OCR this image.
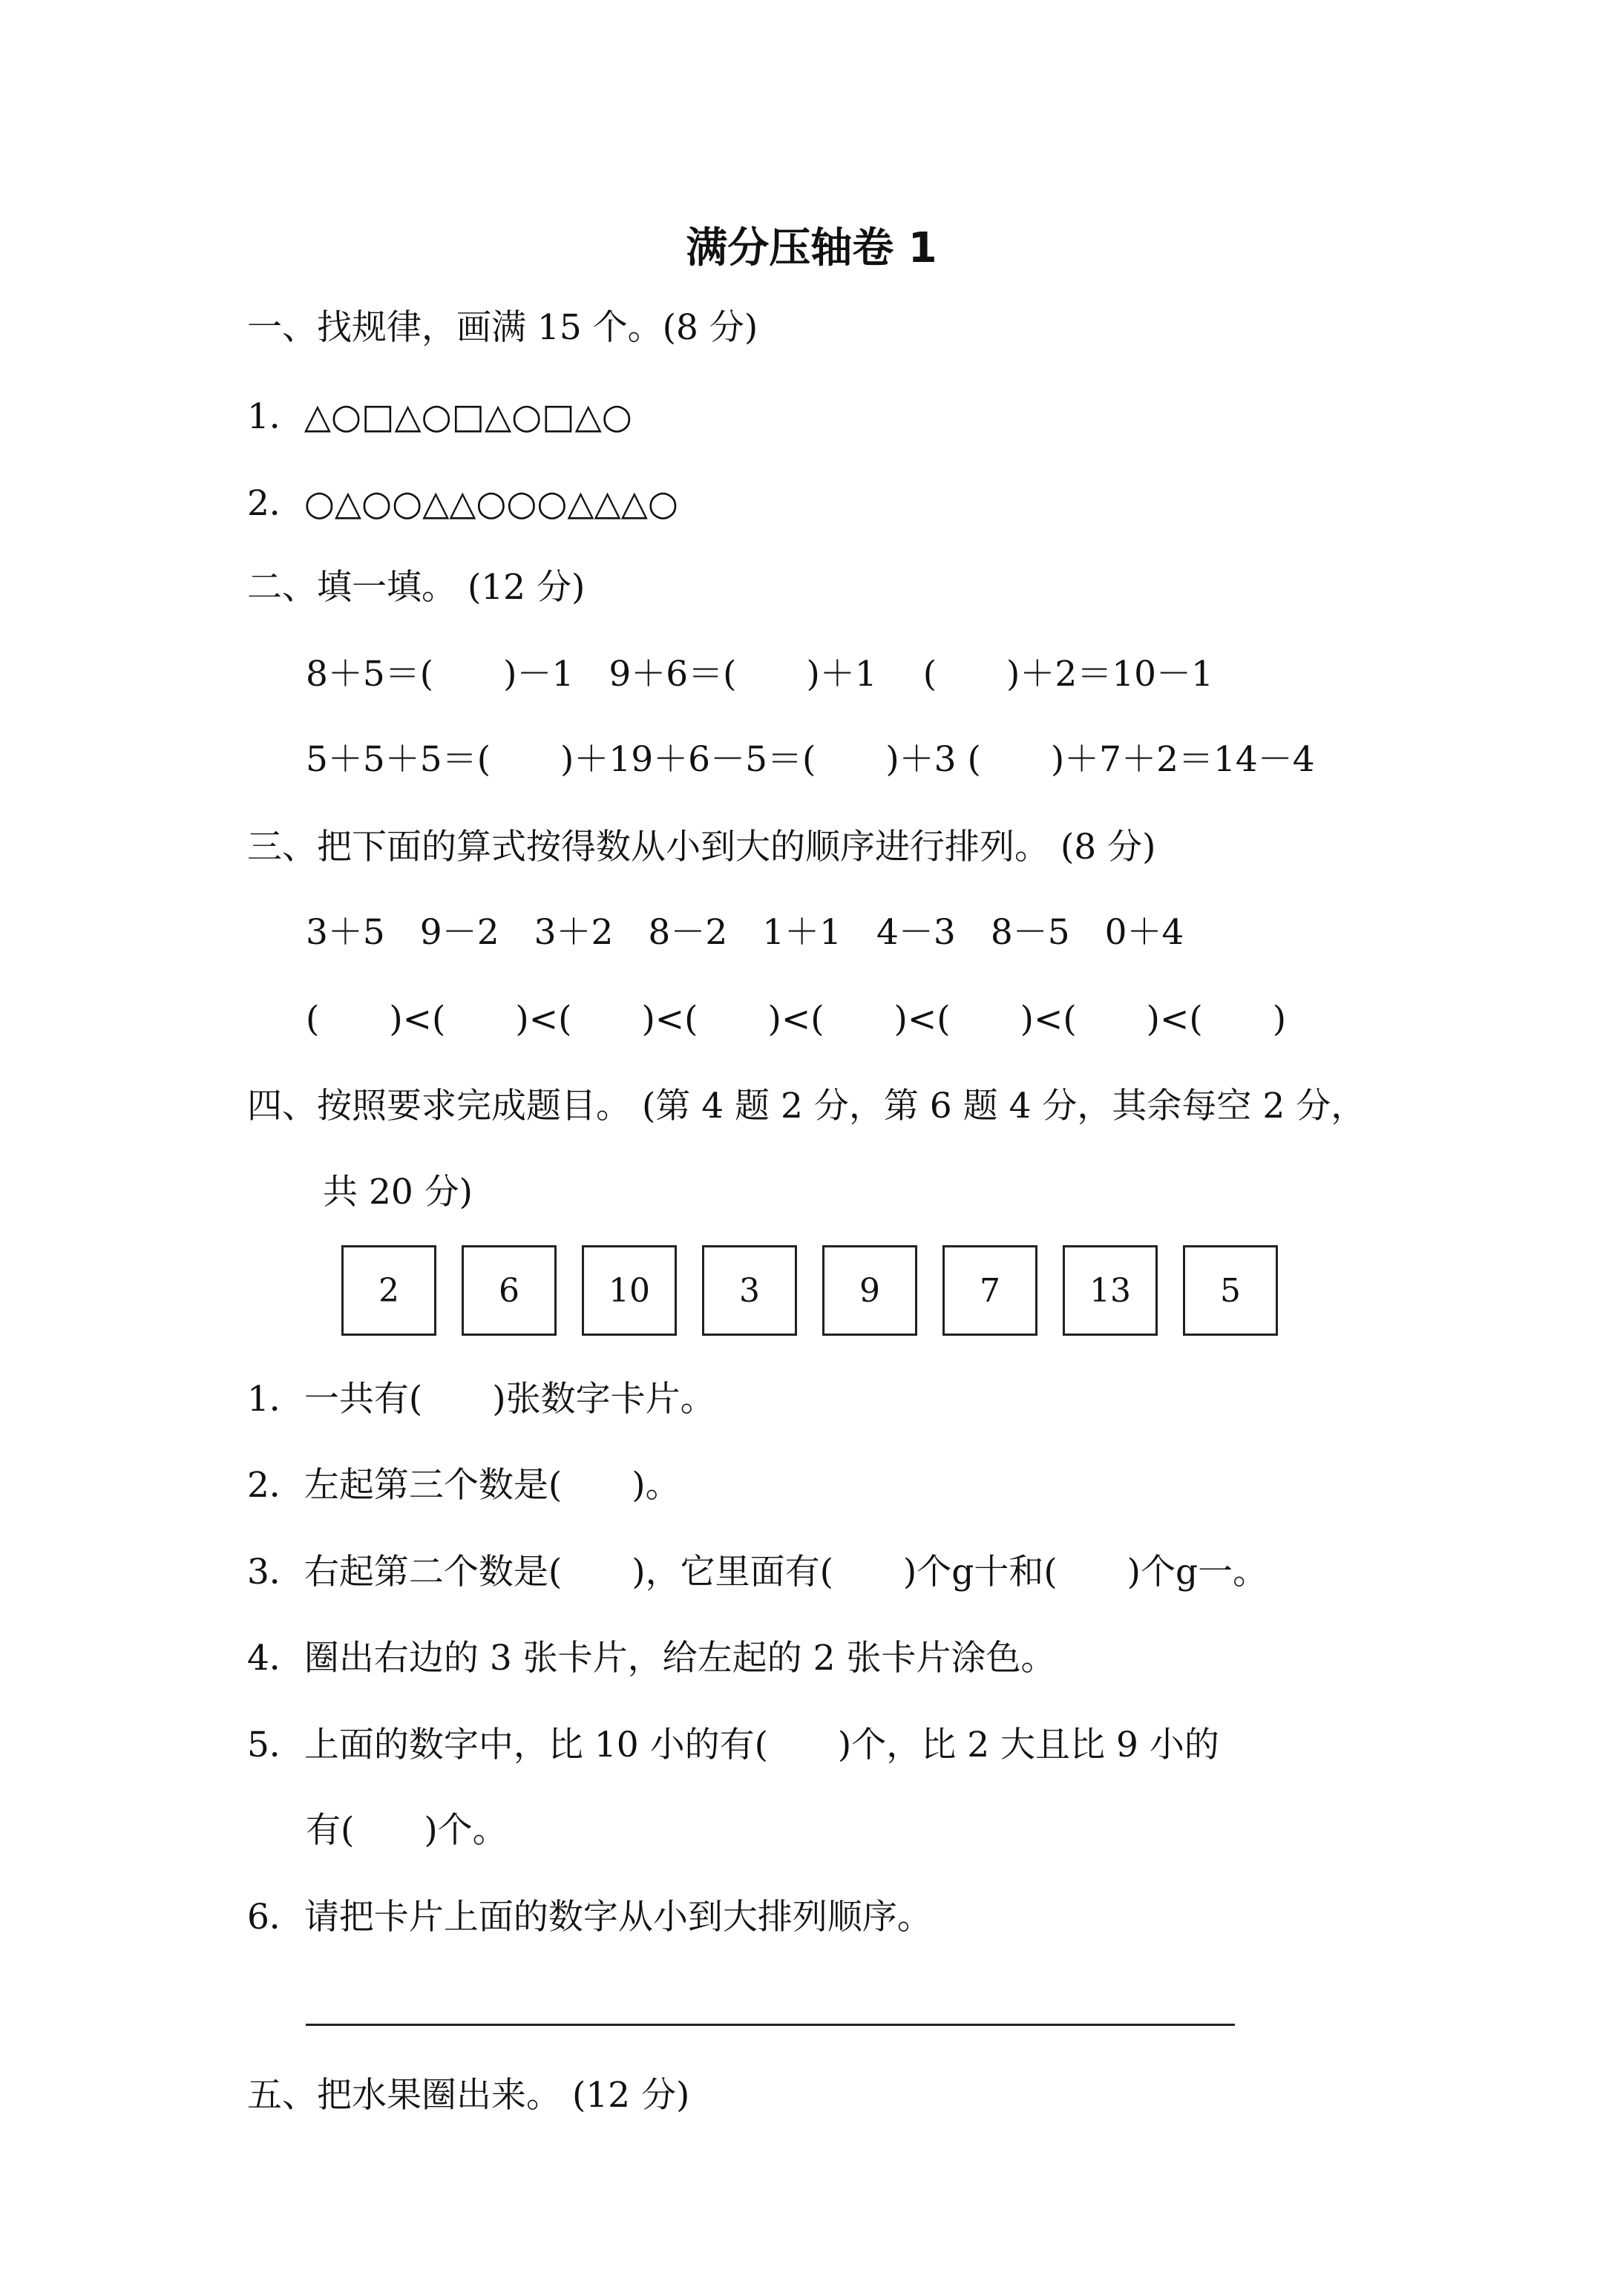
满分压轴卷 1
一、找规律，画满 15 个。(8 分)
1．△○□△○□△○□△○
2．○△○○△△○○○△△△○
二、填一填。 (12 分)
8＋5＝(　　)－1　9＋6＝(　　)＋1　 (　　)＋2＝10－1
5＋5＋5＝(　　)＋19＋6－5＝(　　)＋3 (　　)＋7＋2＝14－4
三、把下面的算式按得数从小到大的顺序进行排列。 (8 分)
3＋5　9－2　3＋2　8－2　1＋1　4－3　8－5　0＋4
(　　)<(　　)<(　　)<(　　)<(　　)<(　　)<(　　)<(　　)
四、按照要求完成题目。 (第 4 题 2 分，第 6 题 4 分，其余每空 2 分，
共 20 分)
2	6	10	3	9	7	13	5
1．一共有(　　)张数字卡片。
2．左起第三个数是(　　)。
3．右起第二个数是(　　)，它里面有(　　)个g十和(　　)个g一。
4．圈出右边的 3 张卡片，给左起的 2 张卡片涂色。
5．上面的数字中，比 10 小的有(　　)个，比 2 大且比 9 小的
有(　　)个。
6．请把卡片上面的数字从小到大排列顺序。
五、把水果圈出来。 (12 分)
